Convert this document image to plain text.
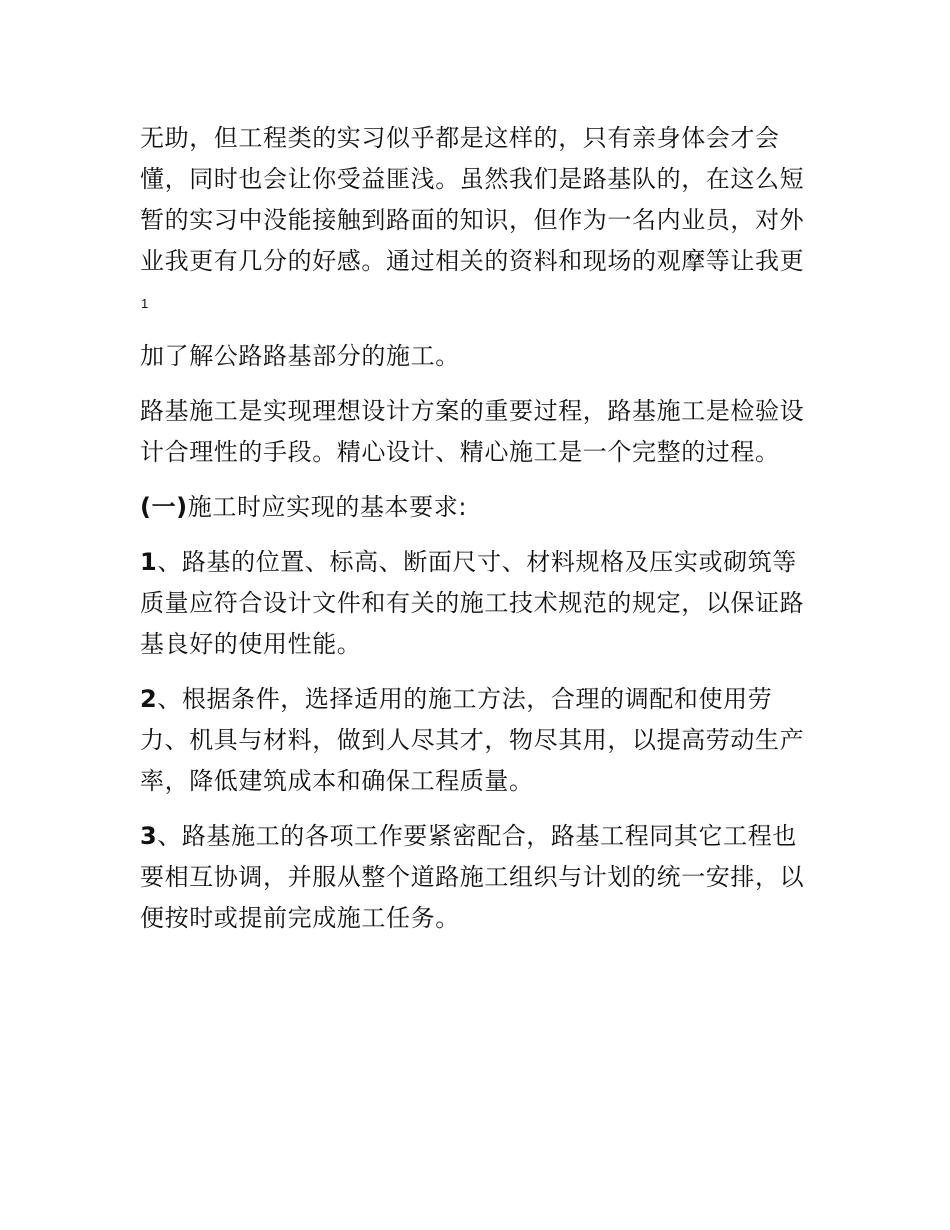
无助，但工程类的实习似乎都是这样的，只有亲身体会才会懂，同时也会让你受益匪浅。虽然我们是路基队的，在这么短暂的实习中没能接触到路面的知识，但作为一名内业员，对外业我更有几分的好感。通过相关的资料和现场的观摩等让我更

1

加了解公路路基部分的施工。

路基施工是实现理想设计方案的重要过程，路基施工是检验设计合理性的手段。精心设计、精心施工是一个完整的过程。

(一)施工时应实现的基本要求:

1、路基的位置、标高、断面尺寸、材料规格及压实或砌筑等质量应符合设计文件和有关的施工技术规范的规定，以保证路基良好的使用性能。

2、根据条件，选择适用的施工方法，合理的调配和使用劳力、机具与材料，做到人尽其才，物尽其用，以提高劳动生产率，降低建筑成本和确保工程质量。

3、路基施工的各项工作要紧密配合，路基工程同其它工程也要相互协调，并服从整个道路施工组织与计划的统一安排，以便按时或提前完成施工任务。
